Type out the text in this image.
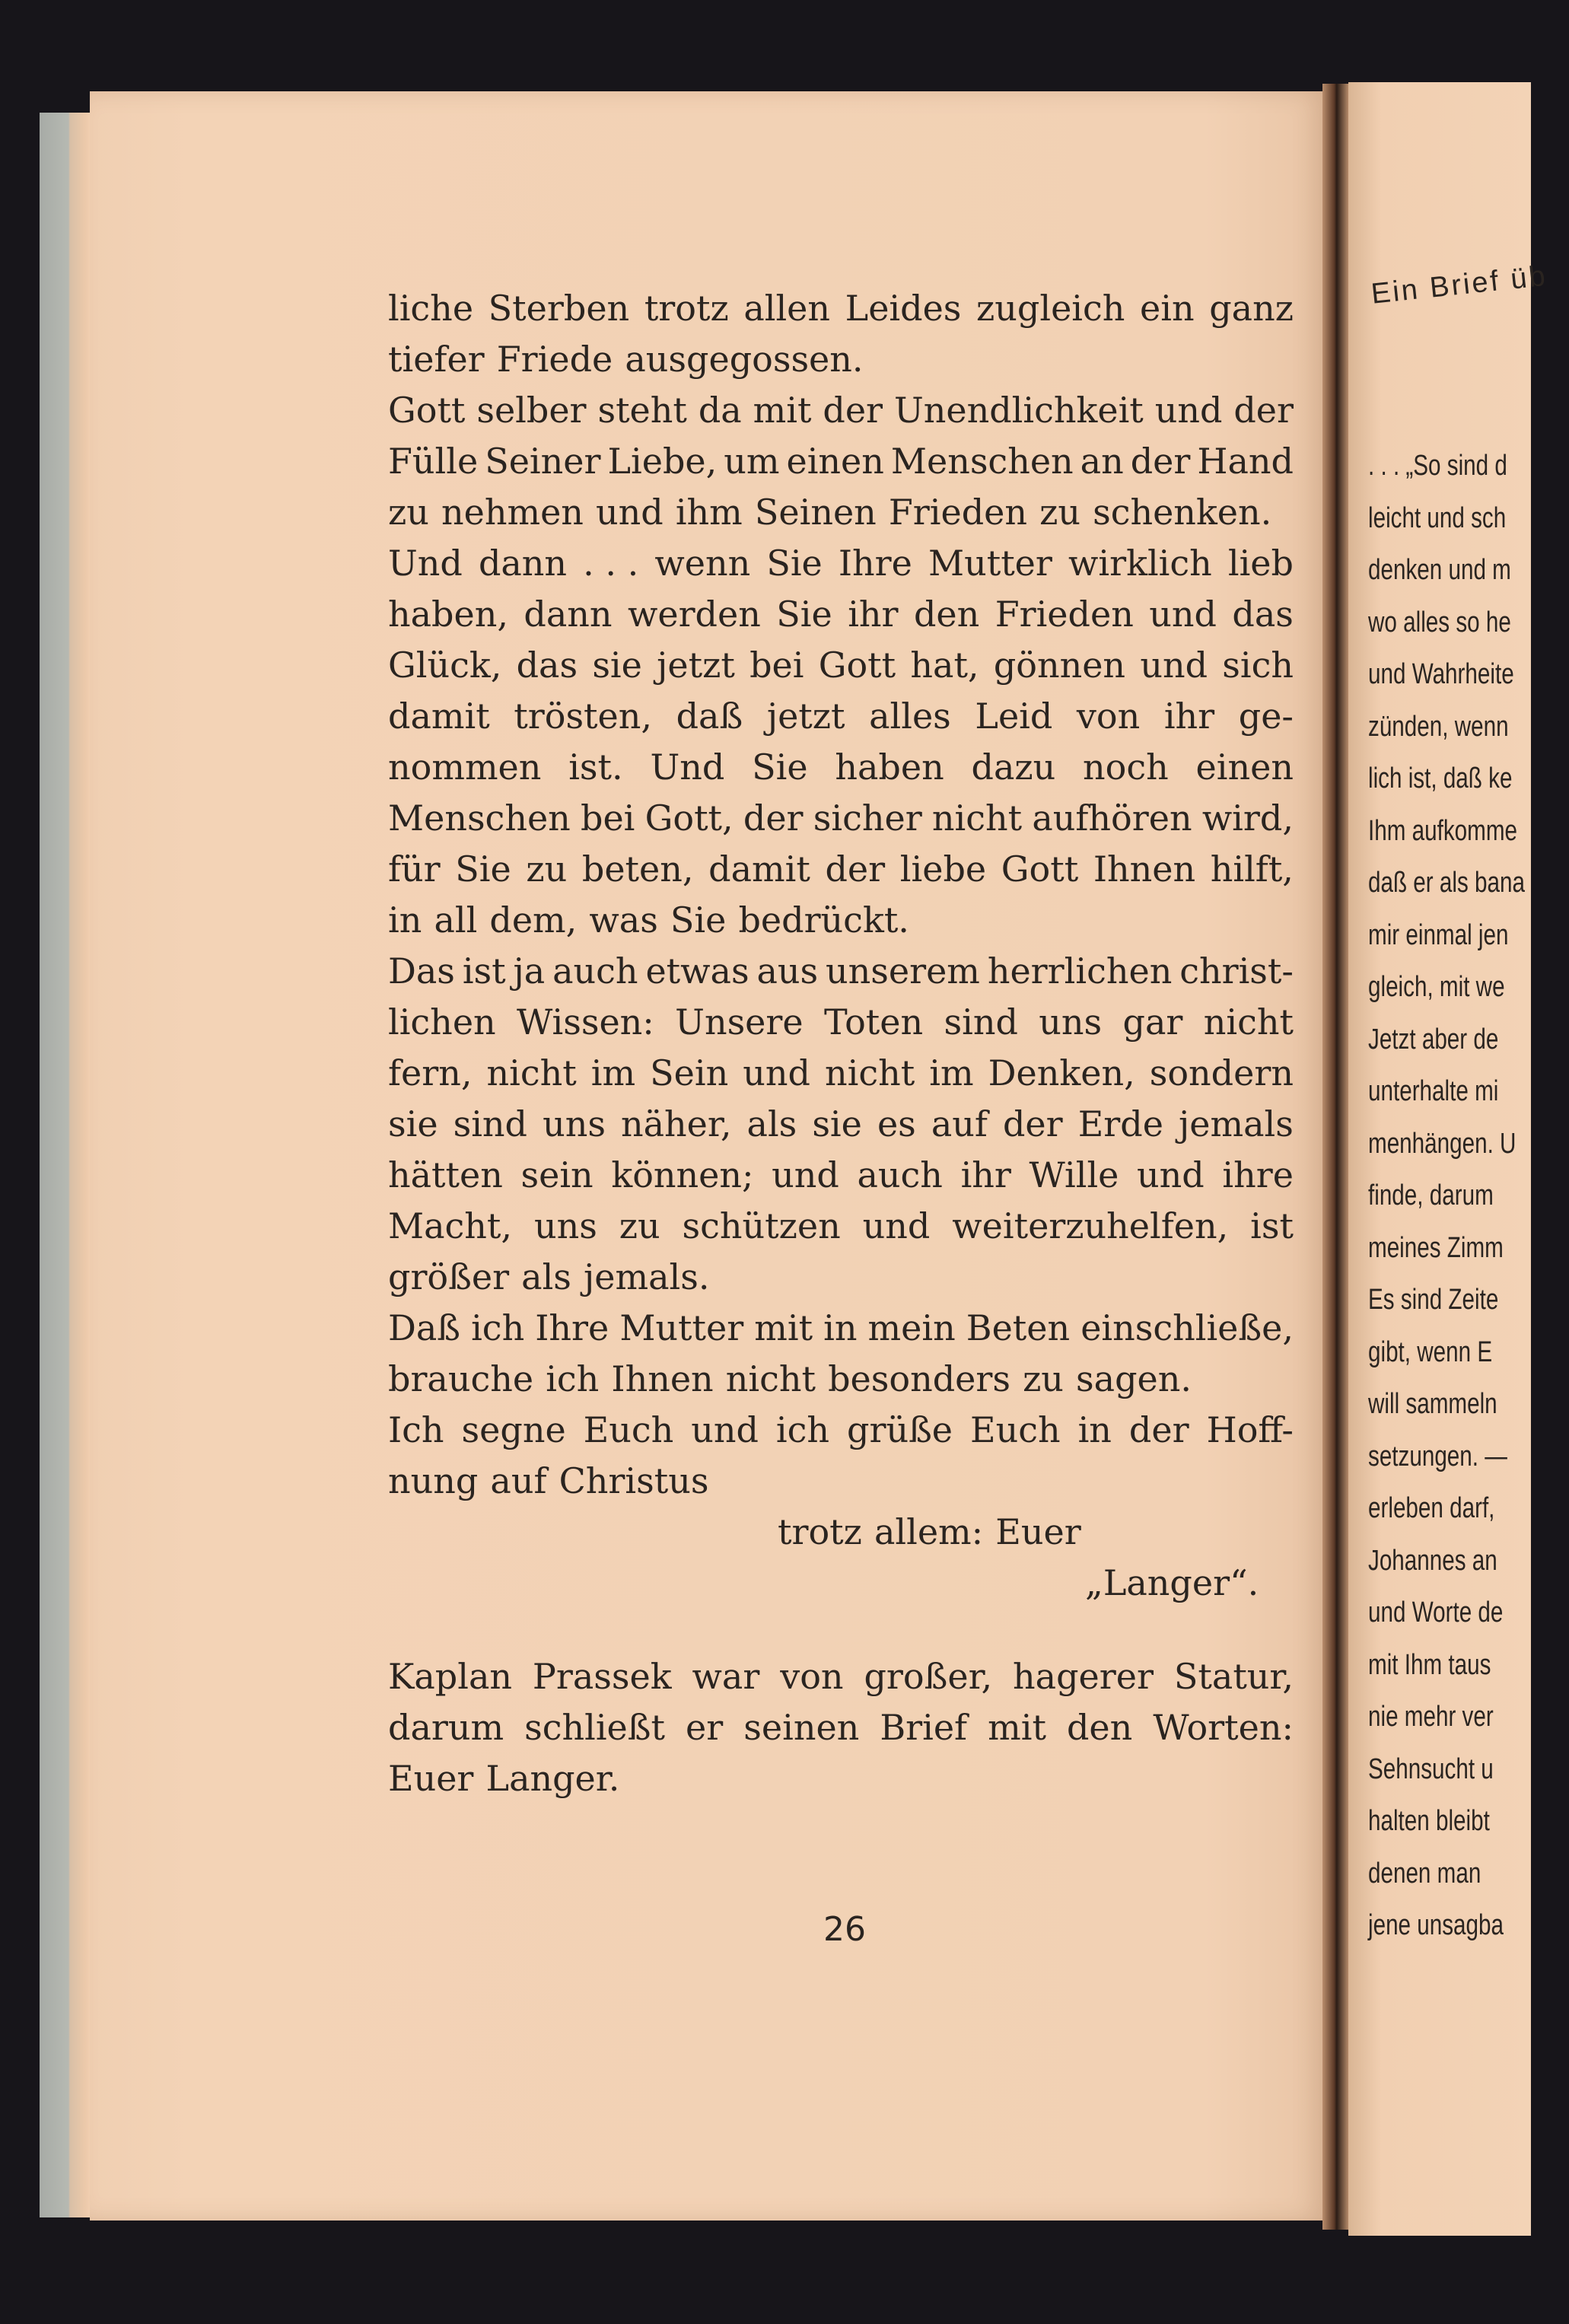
Ein Brief üb
. . . „So sind d
leicht und sch
denken und m
wo alles so he
und Wahrheite
zünden, wenn
lich ist, daß ke
Ihm aufkomme
daß er als bana
mir einmal jen
gleich, mit we
Jetzt aber de
unterhalte mi
menhängen. U
finde, darum
meines Zimm
Es sind Zeite
gibt, wenn E
will sammeln
setzungen. —
erleben darf,
Johannes an
und Worte de
mit Ihm taus
nie mehr ver
Sehnsucht u
halten bleibt
denen man
jene unsagba
liche Sterben trotz allen Leides zugleich ein ganz
tiefer Friede ausgegossen.
Gott selber steht da mit der Unendlichkeit und der
Fülle Seiner Liebe, um einen Menschen an der Hand
zu nehmen und ihm Seinen Frieden zu schenken.
Und dann . . . wenn Sie Ihre Mutter wirklich lieb
haben, dann werden Sie ihr den Frieden und das
Glück, das sie jetzt bei Gott hat, gönnen und sich
damit trösten, daß jetzt alles Leid von ihr ge-
nommen ist. Und Sie haben dazu noch einen
Menschen bei Gott, der sicher nicht aufhören wird,
für Sie zu beten, damit der liebe Gott Ihnen hilft,
in all dem, was Sie bedrückt.
Das ist ja auch etwas aus unserem herrlichen christ-
lichen Wissen: Unsere Toten sind uns gar nicht
fern, nicht im Sein und nicht im Denken, sondern
sie sind uns näher, als sie es auf der Erde jemals
hätten sein können; und auch ihr Wille und ihre
Macht, uns zu schützen und weiterzuhelfen, ist
größer als jemals.
Daß ich Ihre Mutter mit in mein Beten einschließe,
brauche ich Ihnen nicht besonders zu sagen.
Ich segne Euch und ich grüße Euch in der Hoff-
nung auf Christus
trotz allem: Euer
„Langer“.
Kaplan Prassek war von großer, hagerer Statur,
darum schließt er seinen Brief mit den Worten:
Euer Langer.
26
